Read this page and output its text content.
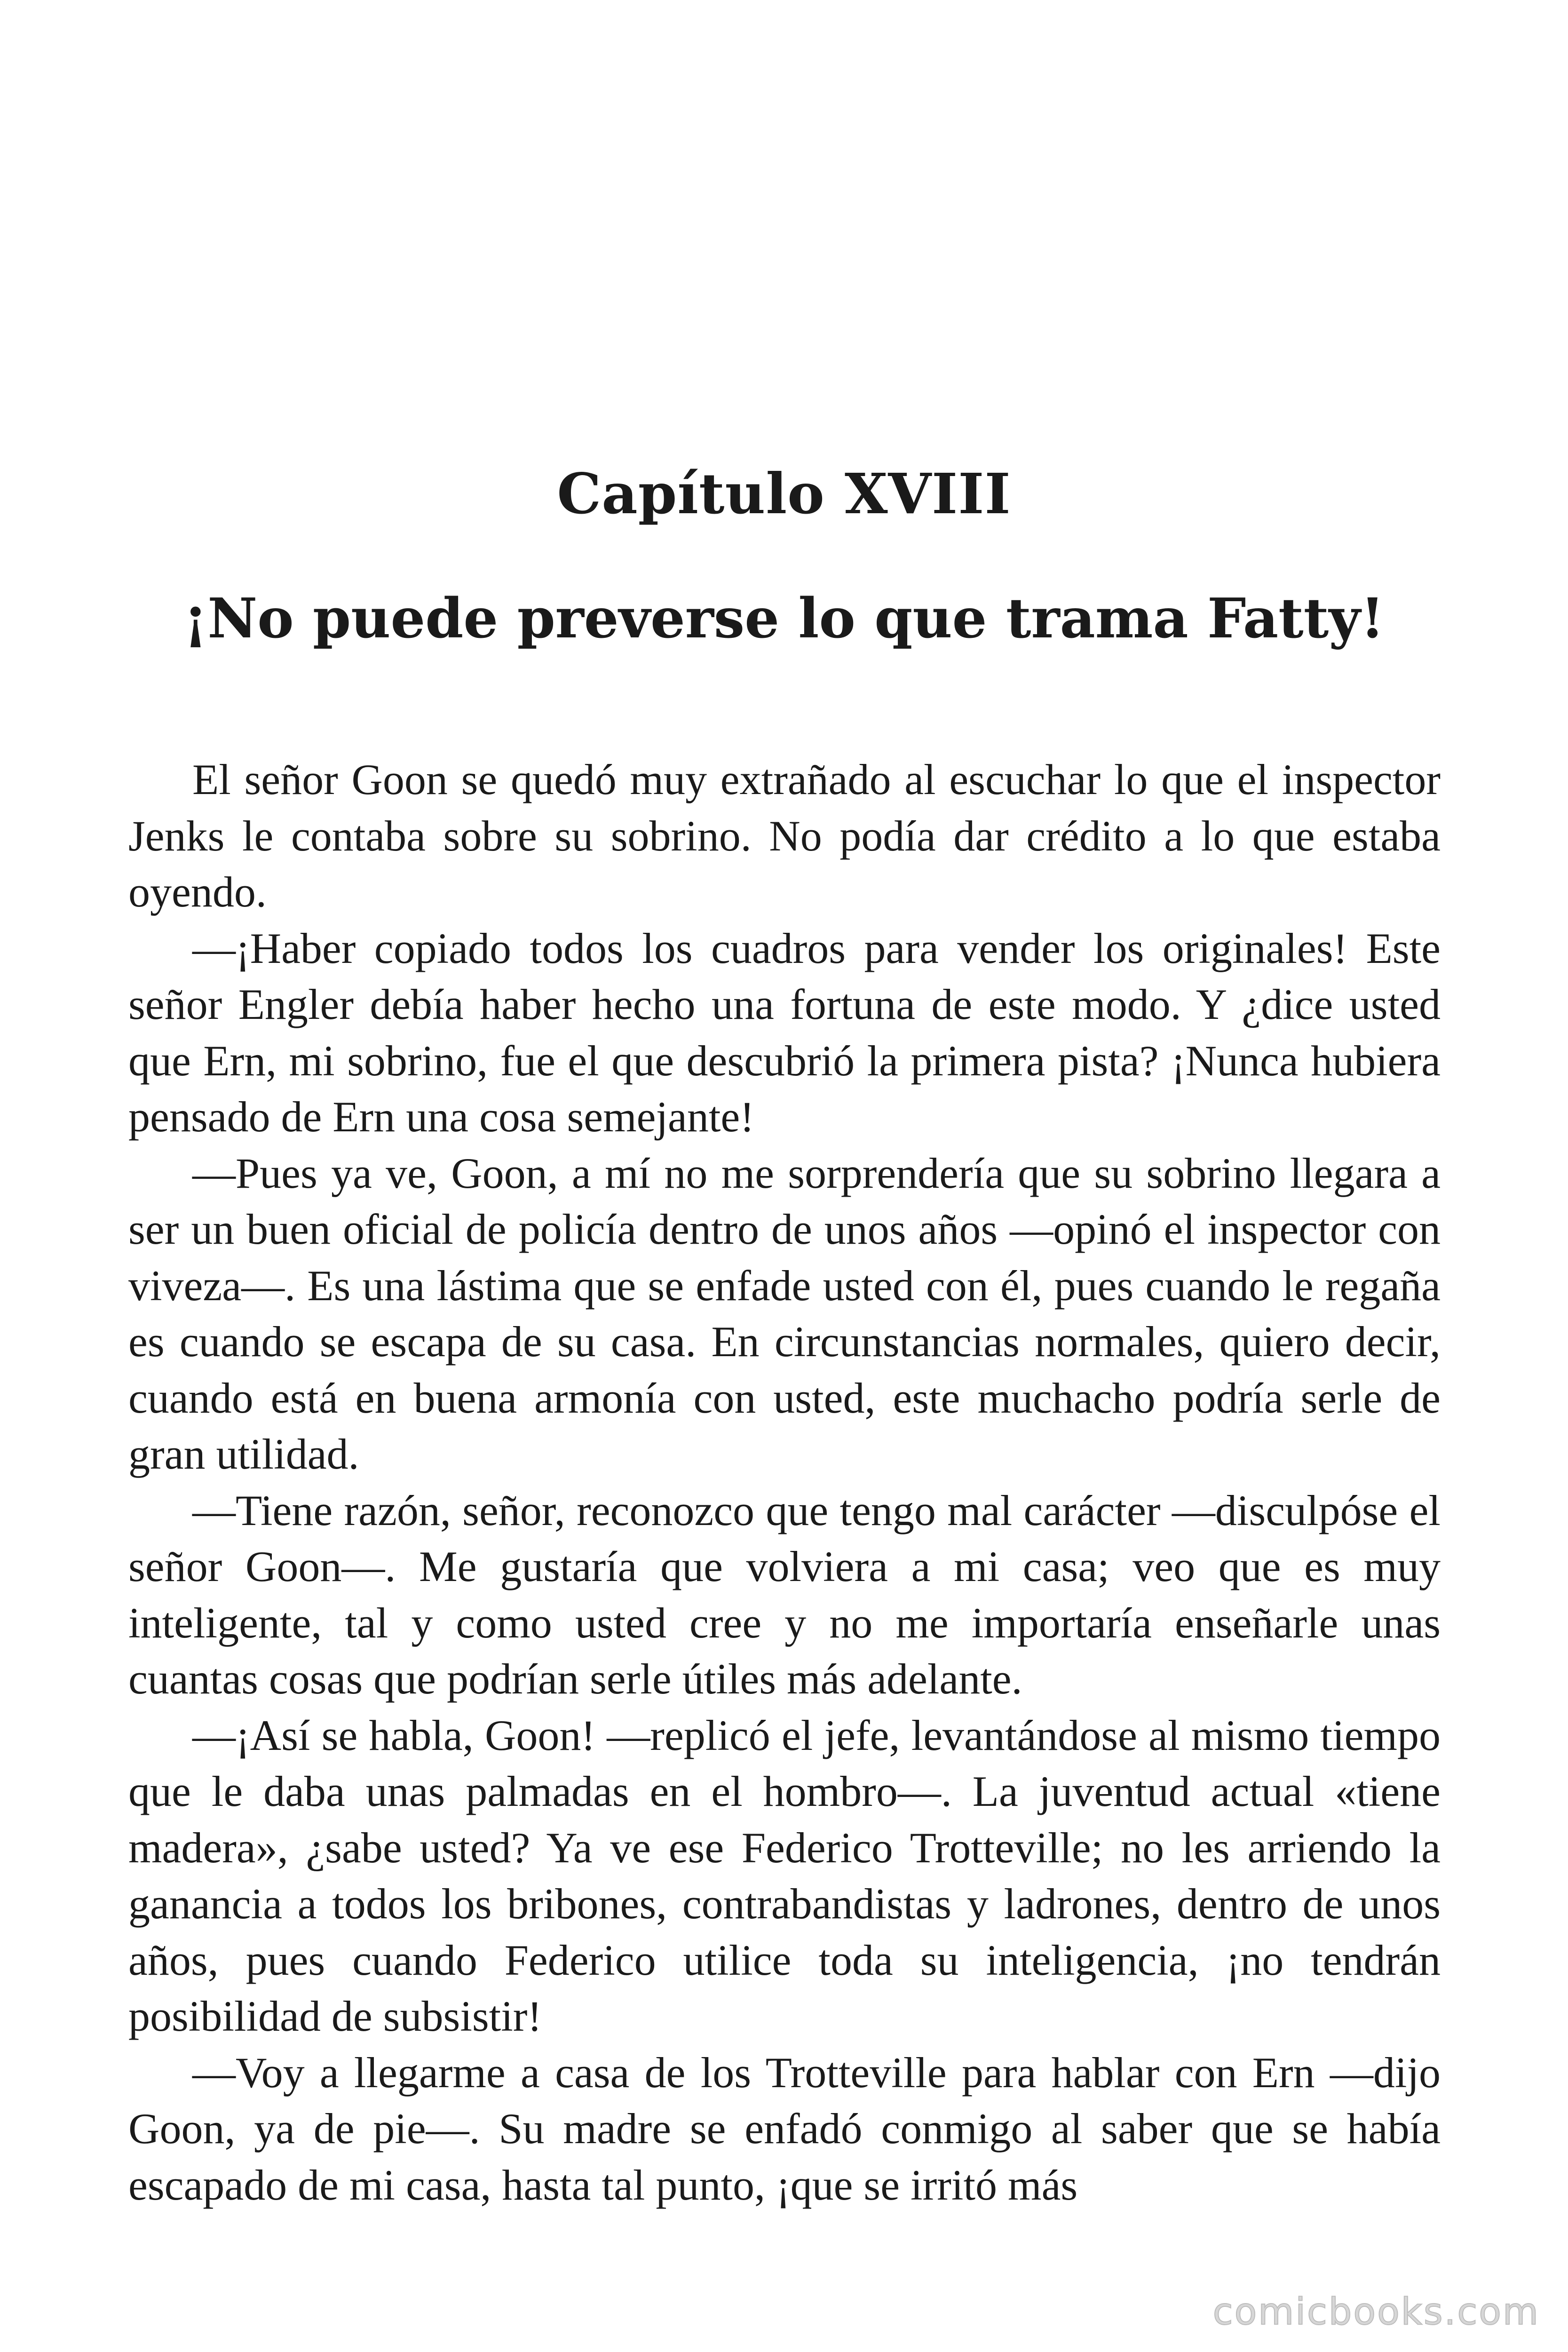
Capítulo XVIII
¡No puede preverse lo que trama Fatty!

El señor Goon se quedó muy extrañado al escuchar lo que el inspector Jenks le contaba sobre su sobrino. No podía dar crédito a lo que estaba oyendo.

—¡Haber copiado todos los cuadros para vender los originales! Este señor Engler debía haber hecho una fortuna de este modo. Y ¿dice usted que Ern, mi sobrino, fue el que descubrió la primera pista? ¡Nunca hubiera pensado de Ern una cosa semejante!

—Pues ya ve, Goon, a mí no me sorprendería que su sobrino llegara a ser un buen oficial de policía dentro de unos años —opinó el inspector con viveza—. Es una lástima que se enfade usted con él, pues cuando le regaña es cuando se escapa de su casa. En circunstancias normales, quiero decir, cuando está en buena armonía con usted, este muchacho podría serle de gran utilidad.

—Tiene razón, señor, reconozco que tengo mal carácter —disculpóse el señor Goon—. Me gustaría que volviera a mi casa; veo que es muy inteligente, tal y como usted cree y no me importaría enseñarle unas cuantas cosas que podrían serle útiles más adelante.

—¡Así se habla, Goon! —replicó el jefe, levantándose al mismo tiempo que le daba unas palmadas en el hombro—. La juventud actual «tiene madera», ¿sabe usted? Ya ve ese Federico Trotteville; no les arriendo la ganancia a todos los bribones, contrabandistas y ladrones, dentro de unos años, pues cuando Federico utilice toda su inteligencia, ¡no tendrán posibilidad de subsistir!

—Voy a llegarme a casa de los Trotteville para hablar con Ern —dijo Goon, ya de pie—. Su madre se enfadó conmigo al saber que se había escapado de mi casa, hasta tal punto, ¡que se irritó más

comicbooks.com
